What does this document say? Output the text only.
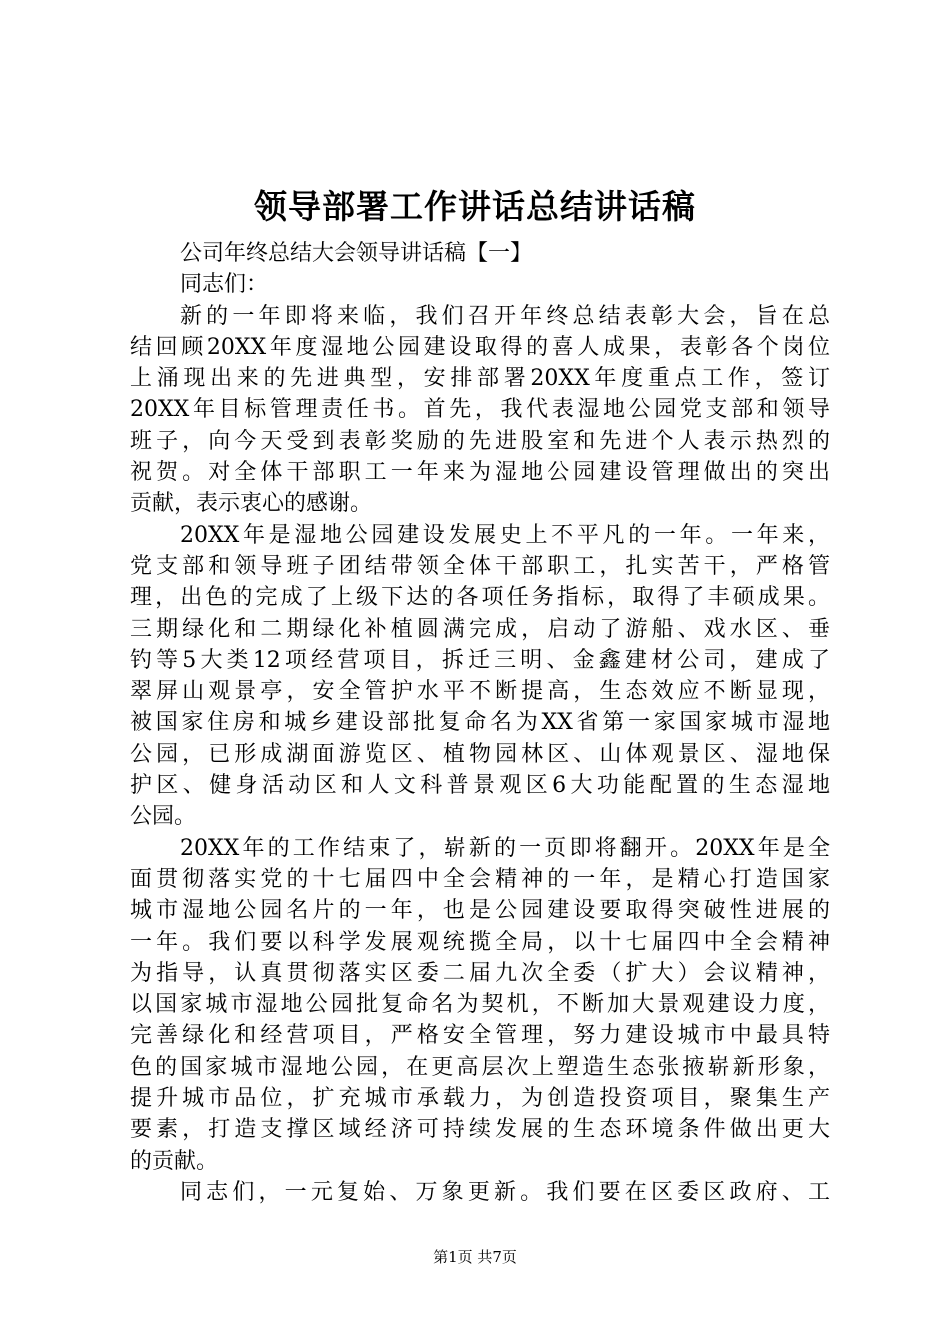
领导部署工作讲话总结讲话稿
公司年终总结大会领导讲话稿【一】
同志们：
新的一年即将来临，我们召开年终总结表彰大会，旨在总
结回顾20XX年度湿地公园建设取得的喜人成果，表彰各个岗位
上涌现出来的先进典型，安排部署20XX年度重点工作，签订
20XX年目标管理责任书。首先，我代表湿地公园党支部和领导
班子，向今天受到表彰奖励的先进股室和先进个人表示热烈的
祝贺。对全体干部职工一年来为湿地公园建设管理做出的突出
贡献，表示衷心的感谢。
20XX年是湿地公园建设发展史上不平凡的一年。一年来，
党支部和领导班子团结带领全体干部职工，扎实苦干，严格管
理，出色的完成了上级下达的各项任务指标，取得了丰硕成果。
三期绿化和二期绿化补植圆满完成，启动了游船、戏水区、垂
钓等5大类12项经营项目，拆迁三明、金鑫建材公司，建成了
翠屏山观景亭，安全管护水平不断提高，生态效应不断显现，
被国家住房和城乡建设部批复命名为XX省第一家国家城市湿地
公园，已形成湖面游览区、植物园林区、山体观景区、湿地保
护区、健身活动区和人文科普景观区6大功能配置的生态湿地
公园。
20XX年的工作结束了，崭新的一页即将翻开。20XX年是全
面贯彻落实党的十七届四中全会精神的一年，是精心打造国家
城市湿地公园名片的一年，也是公园建设要取得突破性进展的
一年。我们要以科学发展观统揽全局，以十七届四中全会精神
为指导，认真贯彻落实区委二届九次全委（扩大）会议精神，
以国家城市湿地公园批复命名为契机，不断加大景观建设力度，
完善绿化和经营项目，严格安全管理，努力建设城市中最具特
色的国家城市湿地公园，在更高层次上塑造生态张掖崭新形象，
提升城市品位，扩充城市承载力，为创造投资项目，聚集生产
要素，打造支撑区域经济可持续发展的生态环境条件做出更大
的贡献。
同志们，一元复始、万象更新。我们要在区委区政府、工
第1页 共7页
